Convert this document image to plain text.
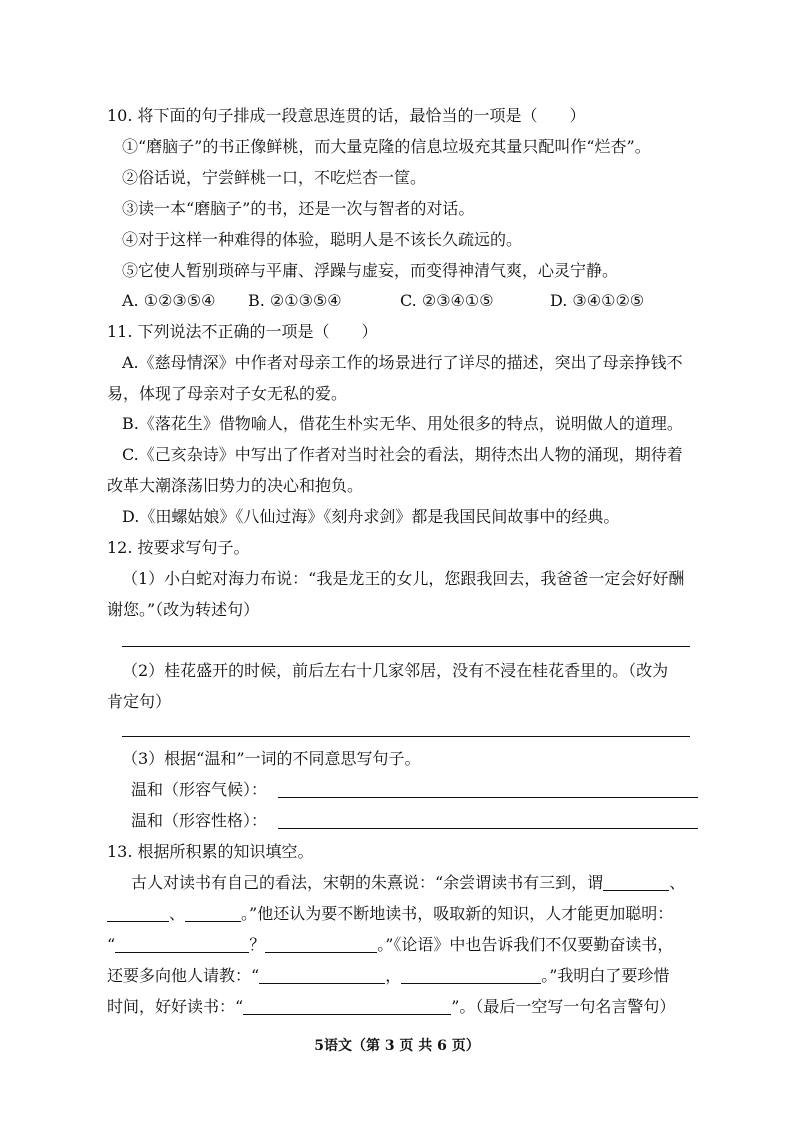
10. 将下面的句子排成一段意思连贯的话，最恰当的一项是（　　）
①“磨脑子”的书正像鲜桃，而大量克隆的信息垃圾充其量只配叫作“烂杏”。
②俗话说，宁尝鲜桃一口，不吃烂杏一筐。
③读一本“磨脑子”的书，还是一次与智者的对话。
④对于这样一种难得的体验，聪明人是不该长久疏远的。
⑤它使人暂别琐碎与平庸、浮躁与虚妄，而变得神清气爽，心灵宁静。
A. ①②③⑤④ B. ②①③⑤④	C. ②③④①⑤	D. ③④①②⑤
11. 下列说法不正确的一项是（　　）
A.《慈母情深》中作者对母亲工作的场景进行了详尽的描述，突出了母亲挣钱不
易，体现了母亲对子女无私的爱。
B.《落花生》借物喻人，借花生朴实无华、用处很多的特点，说明做人的道理。
C.《己亥杂诗》中写出了作者对当时社会的看法，期待杰出人物的涌现，期待着
改革大潮涤荡旧势力的决心和抱负。
D.《田螺姑娘》《八仙过海》《刻舟求剑》都是我国民间故事中的经典。
12. 按要求写句子。
（1）小白蛇对海力布说：“我是龙王的女儿，您跟我回去，我爸爸一定会好好酬
谢您。”（改为转述句）
（2）桂花盛开的时候，前后左右十几家邻居，没有不浸在桂花香里的。（改为
肯定句）
（3）根据“温和”一词的不同意思写句子。
温和（形容气候）：
温和（形容性格）：
13. 根据所积累的知识填空。
古人对读书有自己的看法，宋朝的朱熹说：“余尝谓读书有三到，谓	、
、	。”他还认为要不断地读书，吸取新的知识，人才能更加聪明：
“	？	。”《论语》中也告诉我们不仅要勤奋读书，
还要多向他人请教：“	，	。”我明白了要珍惜
时间，好好读书：“	”。（最后一空写一句名言警句）
5语文（第 3 页 共 6 页）
